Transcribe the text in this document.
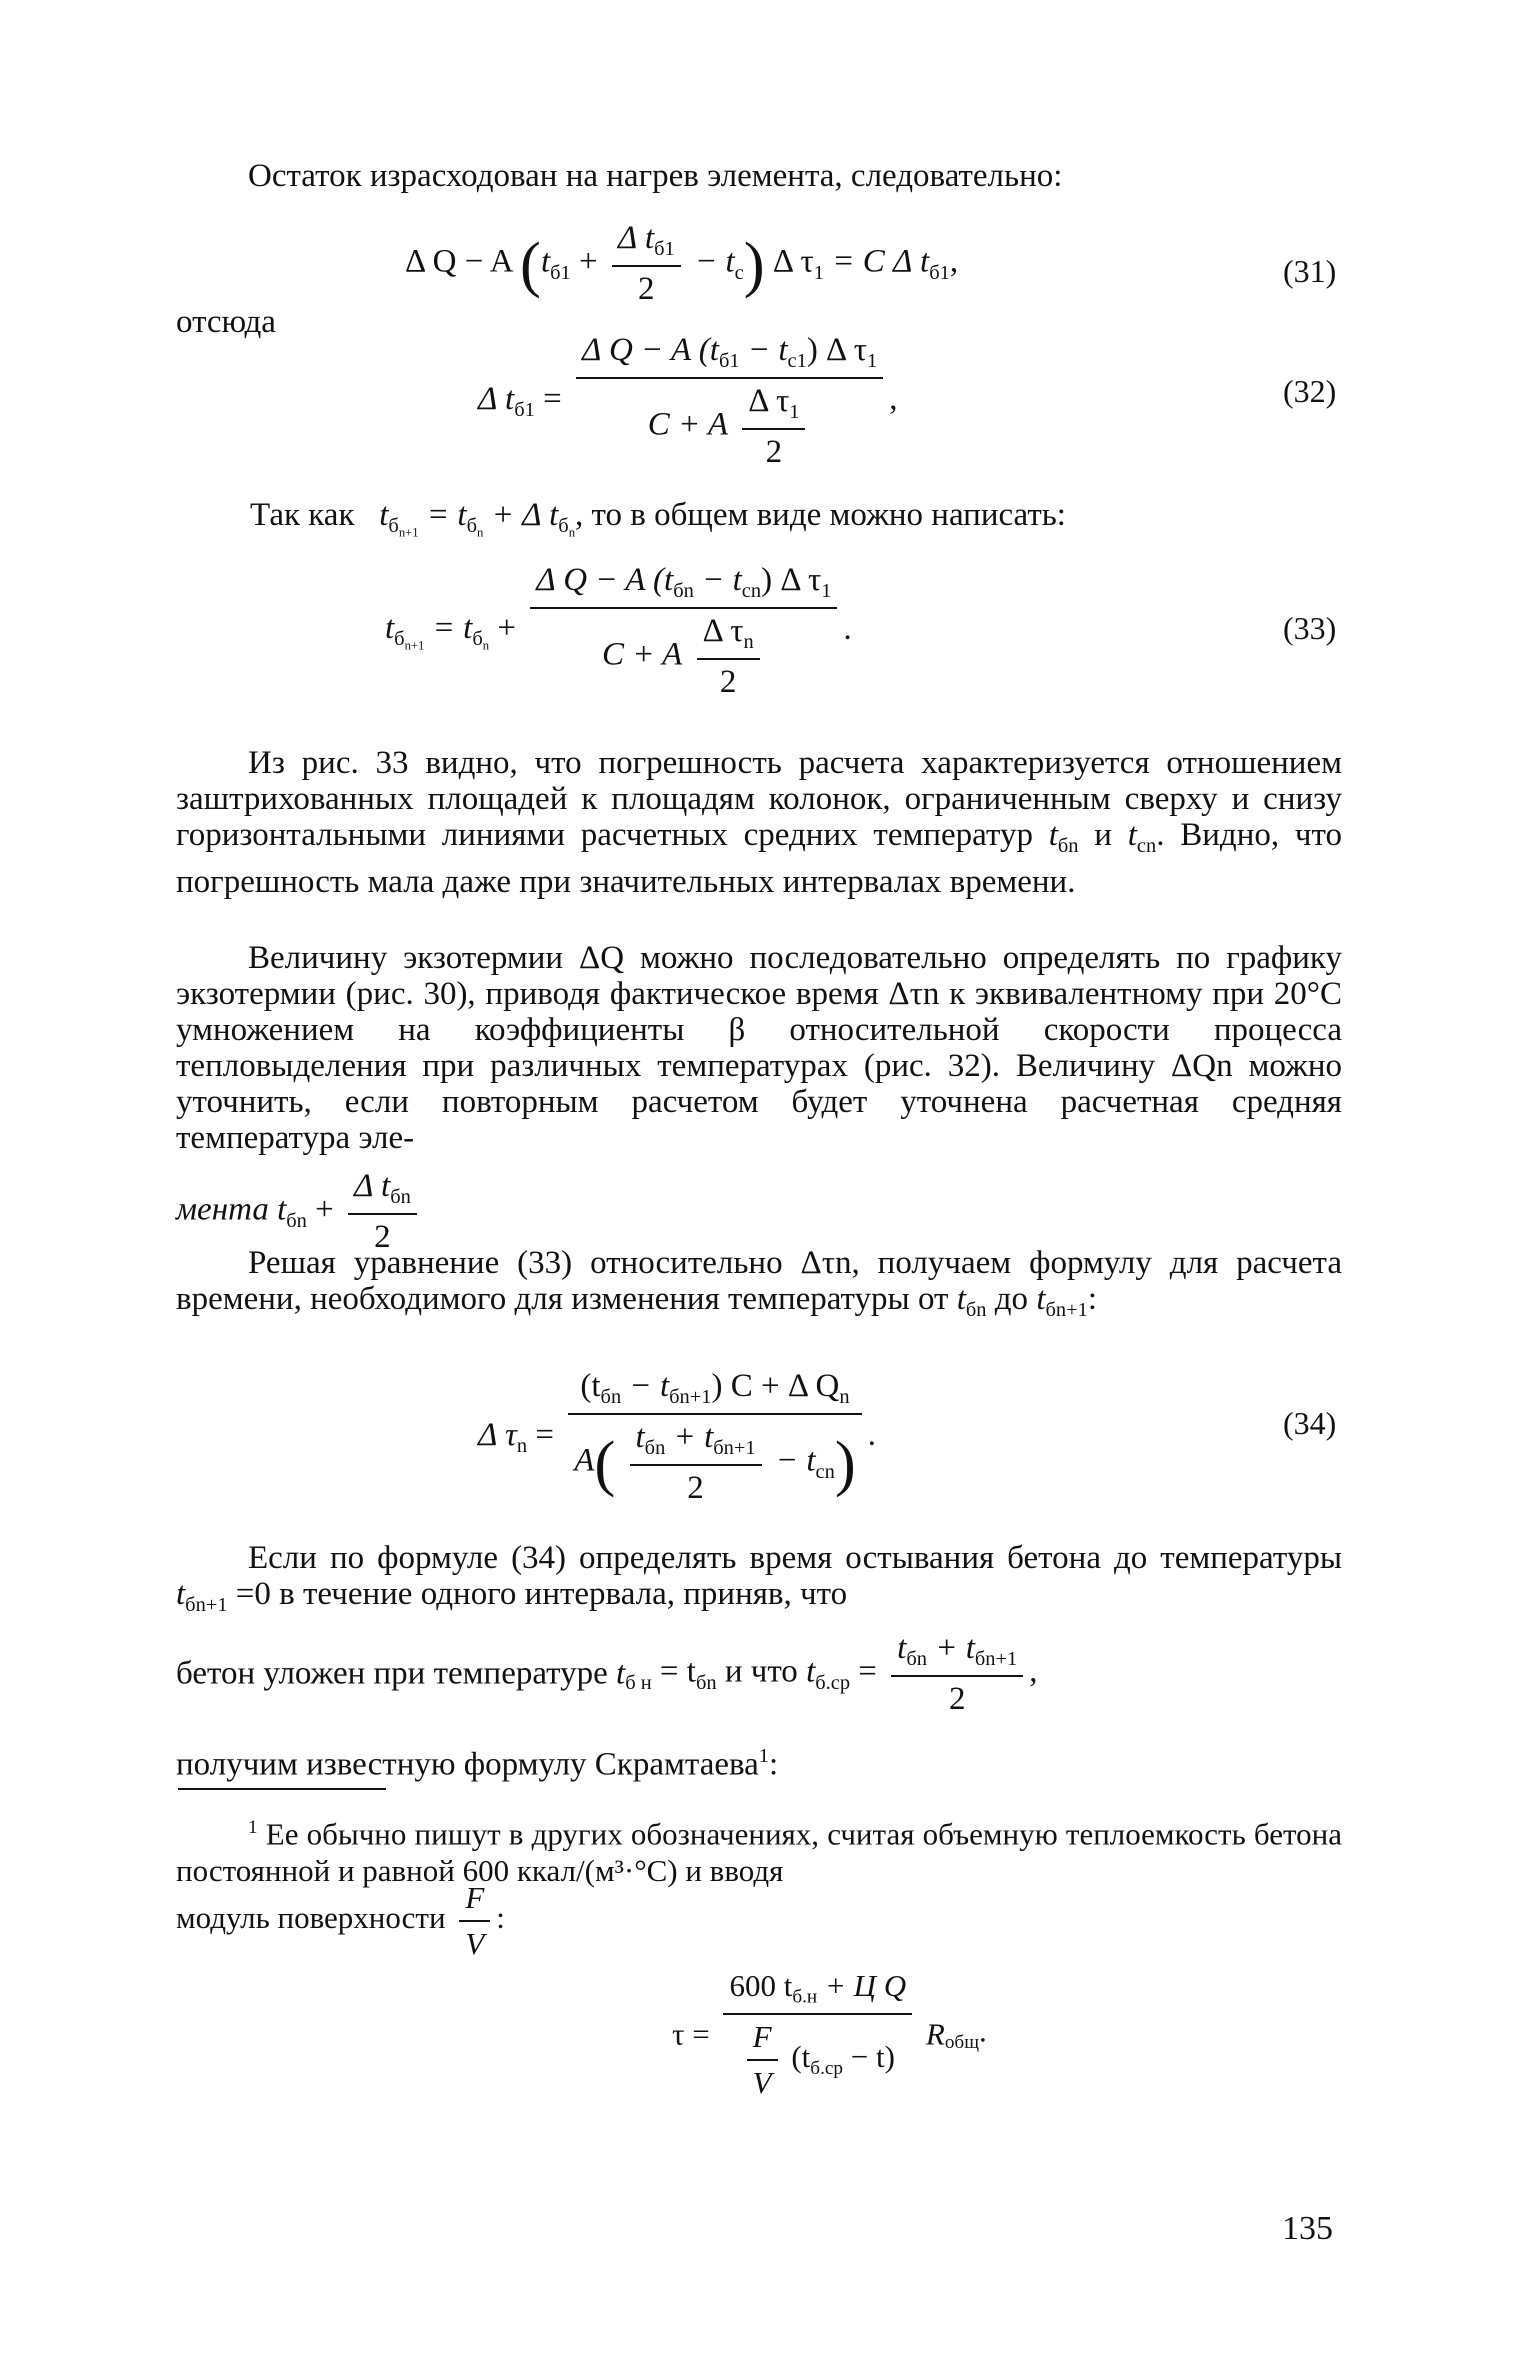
Остаток израсходован на нагрев элемента, следовательно:
Δ Q − A $(t_{б1} + \frac{\Delta t_{б1}}{2} - t_c)$ Δ $\tau_1 = C$ Δ $t_{б1}$,	(31)
отсюда
Δ $t_{б1} = \frac{\Delta Q - A (t_{б1} - t_{c1}) \Delta \tau_1}{C + A \frac{\Delta \tau_1}{2}}$ ,	(32)
Так как $t_{б_{n+1}} = t_{б_n} + \Delta$ $t_{б_n}$, то в общем виде можно написать:
$t_{б_{n+1}} = t_{б_n} + \frac{\Delta Q - A (t_{бn} - t_{cn}) \Delta \tau_1}{C + A \frac{\Delta \tau_n}{2}}$ .	(33)
Из рис. 33 видно, что погрешность расчета характеризуется отношением заштрихованных площадей к площадям колонок, ограниченным сверху и снизу горизонтальными линиями расчетных средних температур $t_{бn}$ и $t_{cn}$. Видно, что погрешность мала даже при значительных интервалах времени.
Величину экзотермии ΔQ можно последовательно определять по графику экзотермии (рис. 30), приводя фактическое время Δτn к эквивалентному при 20°С умножением на коэффициенты β относительной скорости процесса тепловыделения при различных температурах (рис. 32). Величину ΔQn можно уточнить, если повторным расчетом будет уточнена расчетная средняя температура эле-
мента $t_{бn} + \frac{\Delta t_{бn}}{2}$
Решая уравнение (33) относительно Δτn, получаем формулу для расчета времени, необходимого для изменения температуры от $t_{бn}$ до $t_{бn+1}$:
Δ $\tau_n = \frac{(t_{бn} - t_{бn+1}) C + \Delta Q_n}{A( \frac{t_{бn} + t_{бn+1}}{2} - t_{cn})}$ .	(34)
Если по формуле (34) определять время остывания бетона до температуры $t_{бn+1} =0$ в течение одного интервала, приняв, что
бетон уложен при температуре $t_{б н} = t_{бn}$ и что $t_{б.ср} = \frac{t_{бn} + t_{бn+1}}{2}$ ,
получим известную формулу Скрамтаева$^1$:
$^1$ Ее обычно пишут в других обозначениях, считая объемную теплоемкость бетона постоянной и равной 600 ккал/(м³·°С) и вводя
модуль поверхности $\frac{F}{V}$ :
$\tau = \frac{600 t_{б.н} + Ц Q}{\frac{F}{V} (t_{б.ср} - t)} R_{общ}$.
135
